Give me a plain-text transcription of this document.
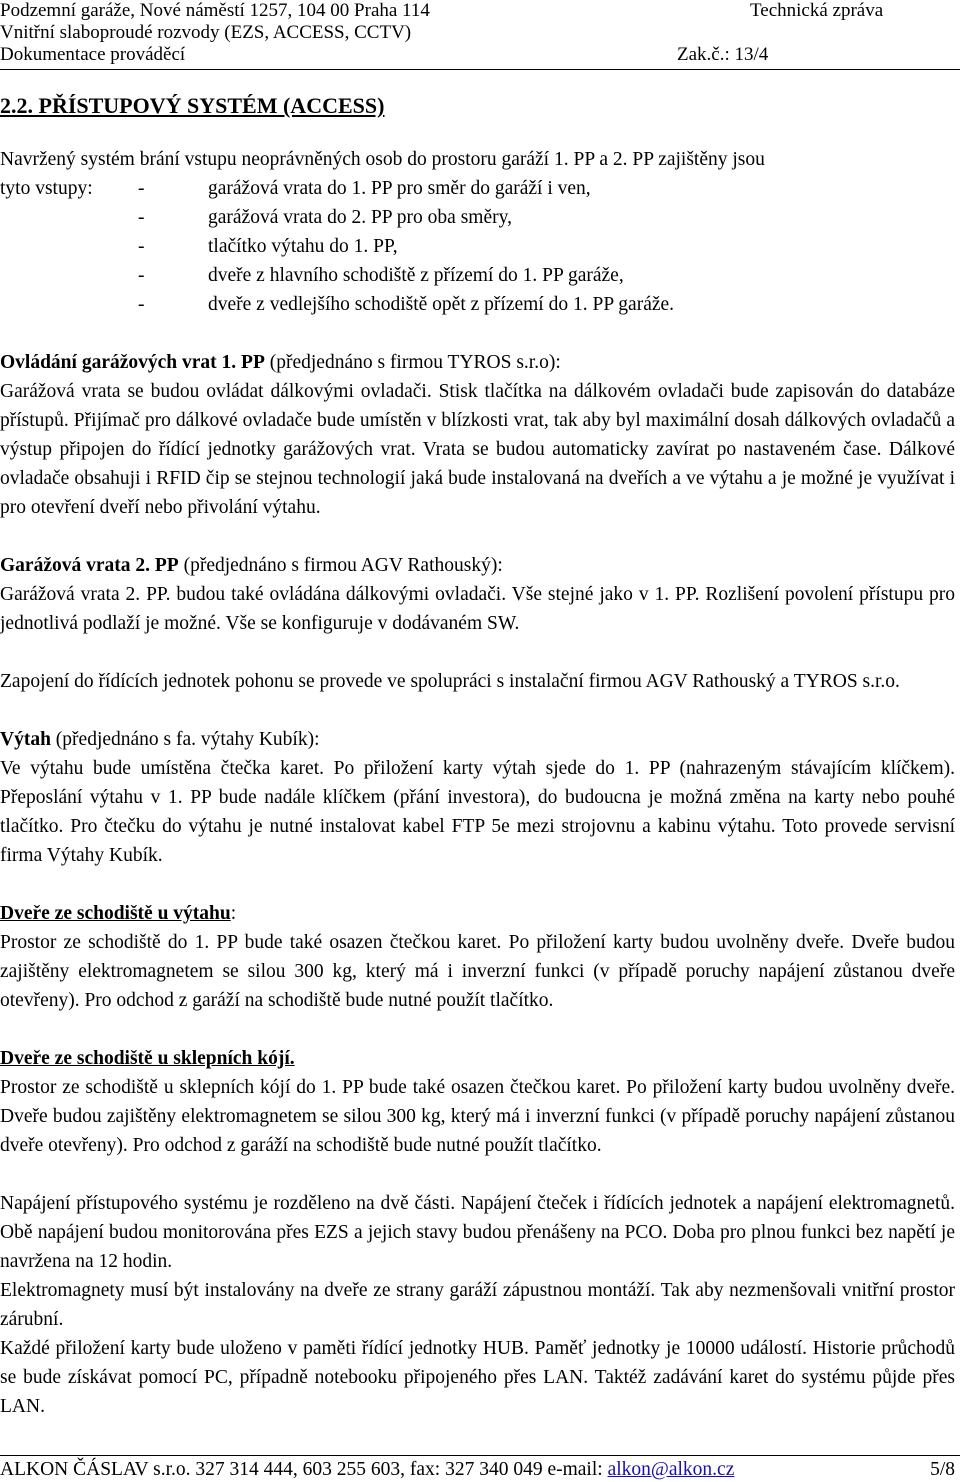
Podzemní garáže, Nové náměstí 1257, 104 00 Praha 114	Technická zpráva
Vnitřní slaboproudé rozvody (EZS, ACCESS, CCTV)
Dokumentace prováděcí	Zak.č.: 13/4
2.2. PŘÍSTUPOVÝ SYSTÉM (ACCESS)

Navržený systém brání vstupu neoprávněných osob do prostoru garáží 1. PP a 2. PP zajištěny jsou

tyto vstupy:	-	garážová vrata do 1. PP pro směr do garáží i ven,
-	garážová vrata do 2. PP pro oba směry,
-	tlačítko výtahu do 1. PP,
-	dveře z hlavního schodiště z přízemí do 1. PP garáže,
-	dveře z vedlejšího schodiště opět z přízemí do 1. PP garáže.

Ovládání garážových vrat 1. PP (předjednáno s firmou TYROS s.r.o):

Garážová vrata se budou ovládat dálkovými ovladači. Stisk tlačítka na dálkovém ovladači bude zapisován do databáze přístupů. Přijímač pro dálkové ovladače bude umístěn v blízkosti vrat, tak aby byl maximální dosah dálkových ovladačů a výstup připojen do řídící jednotky garážových vrat. Vrata se budou automaticky zavírat po nastaveném čase. Dálkové ovladače obsahuji i RFID čip se stejnou technologií jaká bude instalovaná na dveřích a ve výtahu a je možné je využívat i pro otevření dveří nebo přivolání výtahu.

Garážová vrata 2. PP (předjednáno s firmou AGV Rathouský):

Garážová vrata 2. PP. budou také ovládána dálkovými ovladači. Vše stejné jako v 1. PP. Rozlišení povolení přístupu pro jednotlivá podlaží je možné. Vše se konfiguruje v dodávaném SW.

Zapojení do řídících jednotek pohonu se provede ve spolupráci s instalační firmou AGV Rathouský a TYROS s.r.o.

Výtah (předjednáno s fa. výtahy Kubík):

Ve výtahu bude umístěna čtečka karet. Po přiložení karty výtah sjede do 1. PP (nahrazeným stávajícím klíčkem). Přeposlání výtahu v 1. PP bude nadále klíčkem (přání investora), do budoucna je možná změna na karty nebo pouhé tlačítko. Pro čtečku do výtahu je nutné instalovat kabel FTP 5e mezi strojovnu a kabinu výtahu. Toto provede servisní firma Výtahy Kubík.

Dveře ze schodiště u výtahu:

Prostor ze schodiště do 1. PP bude také osazen čtečkou karet. Po přiložení karty budou uvolněny dveře. Dveře budou zajištěny elektromagnetem se silou 300 kg, který má i inverzní funkci (v případě poruchy napájení zůstanou dveře otevřeny). Pro odchod z garáží na schodiště bude nutné použít tlačítko.

Dveře ze schodiště u sklepních kójí.

Prostor ze schodiště u sklepních kójí do 1. PP bude také osazen čtečkou karet. Po přiložení karty budou uvolněny dveře. Dveře budou zajištěny elektromagnetem se silou 300 kg, který má i inverzní funkci (v případě poruchy napájení zůstanou dveře otevřeny). Pro odchod z garáží na schodiště bude nutné použít tlačítko.

Napájení přístupového systému je rozděleno na dvě části. Napájení čteček i řídících jednotek a napájení elektromagnetů. Obě napájení budou monitorována přes EZS a jejich stavy budou přenášeny na PCO. Doba pro plnou funkci bez napětí je navržena na 12 hodin.

Elektromagnety musí být instalovány na dveře ze strany garáží zápustnou montáží. Tak aby nezmenšovali vnitřní prostor zárubní.

Každé přiložení karty bude uloženo v paměti řídící jednotky HUB. Paměť jednotky je 10000 událostí. Historie průchodů se bude získávat pomocí PC, případně notebooku připojeného přes LAN. Taktéž zadávání karet do systému půjde přes LAN.

ALKON ČÁSLAV s.r.o. 327 314 444, 603 255 603, fax: 327 340 049 e-mail: alkon@alkon.cz	5/8
